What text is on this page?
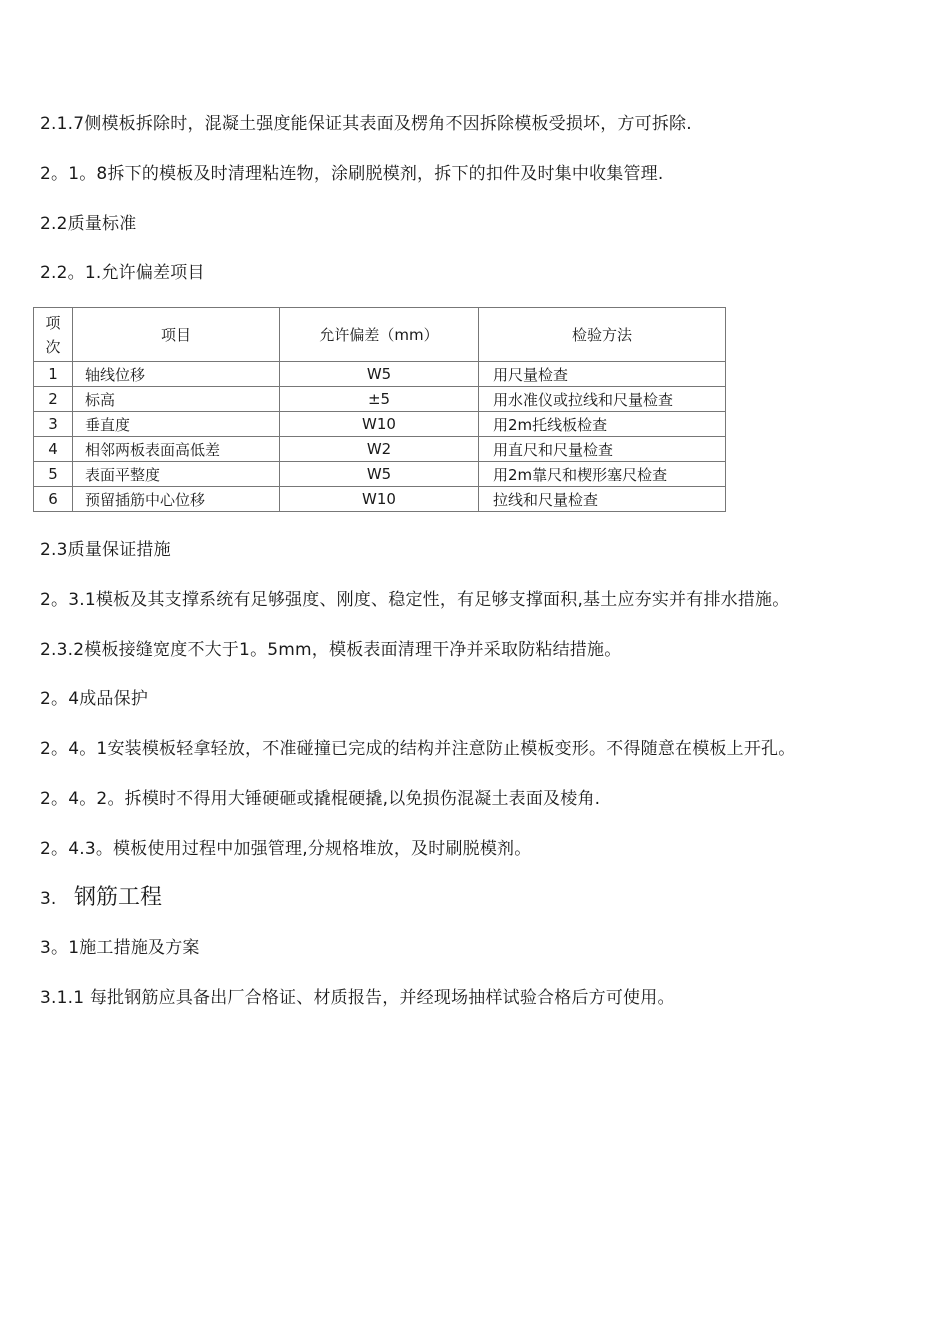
2.1.7侧模板拆除时，混凝土强度能保证其表面及楞角不因拆除模板受损坏，方可拆除.
2。1。8拆下的模板及时清理粘连物，涂刷脱模剂，拆下的扣件及时集中收集管理.
2.2质量标准
2.2。1.允许偏差项目
项
次	项目	允许偏差（mm）	检验方法
1	轴线位移	W5	用尺量检查
2	标高	±5	用水准仪或拉线和尺量检查
3	垂直度	W10	用2m托线板检查
4	相邻两板表面高低差	W2	用直尺和尺量检查
5	表面平整度	W5	用2m靠尺和楔形塞尺检查
6	预留插筋中心位移	W10	拉线和尺量检查
2.3质量保证措施
2。3.1模板及其支撑系统有足够强度、刚度、稳定性，有足够支撑面积,基土应夯实并有排水措施。
2.3.2模板接缝宽度不大于1。5mm，模板表面清理干净并采取防粘结措施。
2。4成品保护
2。4。1安装模板轻拿轻放，不准碰撞已完成的结构并注意防止模板变形。不得随意在模板上开孔。
2。4。2。拆模时不得用大锤硬砸或撬棍硬撬,以免损伤混凝土表面及棱角.
2。4.3。模板使用过程中加强管理,分规格堆放，及时刷脱模剂。
3. 钢筋工程
3。1施工措施及方案
3.1.1 每批钢筋应具备出厂合格证、材质报告，并经现场抽样试验合格后方可使用。
